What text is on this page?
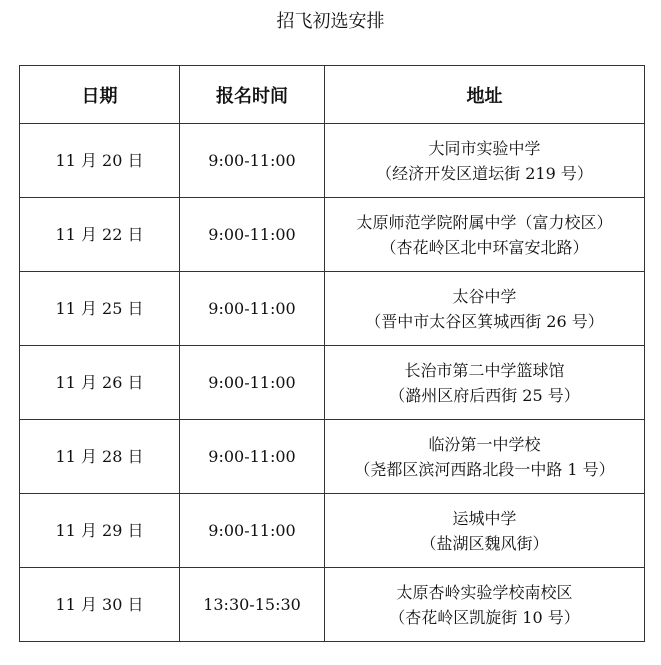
招飞初选安排
日期	报名时间	地址
11 月 20 日	9:00-11:00	大同市实验中学
（经济开发区道坛街 219 号）

11 月 22 日	9:00-11:00	太原师范学院附属中学（富力校区）
（杏花岭区北中环富安北路）

11 月 25 日	9:00-11:00	太谷中学
（晋中市太谷区箕城西街 26 号）

11 月 26 日	9:00-11:00	长治市第二中学篮球馆
（潞州区府后西街 25 号）

11 月 28 日	9:00-11:00	临汾第一中学校
（尧都区滨河西路北段一中路 1 号）

11 月 29 日	9:00-11:00	运城中学
（盐湖区魏风街）

11 月 30 日	13:30-15:30	太原杏岭实验学校南校区
（杏花岭区凯旋街 10 号）
